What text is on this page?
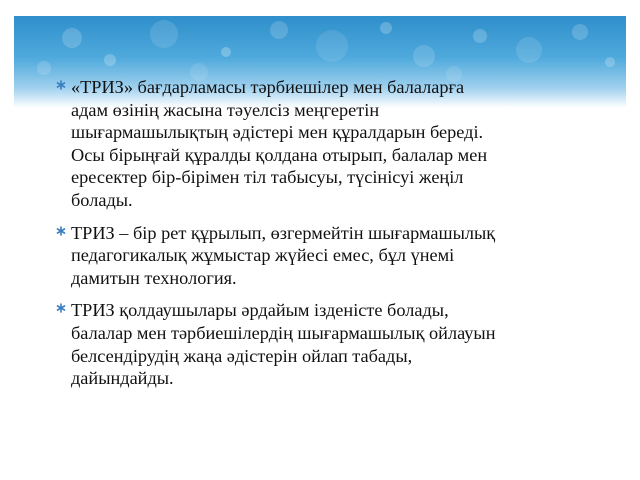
«ТРИЗ» бағдарламасы тәрбиешілер мен балаларға
адам өзінің жасына тәуелсіз меңгеретін
шығармашылықтың әдістері мен құралдарын береді.
Осы бірыңғай құралды қолдана отырып, балалар мен
ересектер бір-бірімен тіл табысуы, түсінісуі жеңіл
болады.
ТРИЗ – бір рет құрылып, өзгермейтін шығармашылық
педагогикалық жұмыстар жүйесі емес, бұл үнемі
дамитын технология.
ТРИЗ қолдаушылары әрдайым ізденісте болады,
балалар мен тәрбиешілердің шығармашылық ойлауын
белсендірудің жаңа әдістерін ойлап табады,
дайындайды.
